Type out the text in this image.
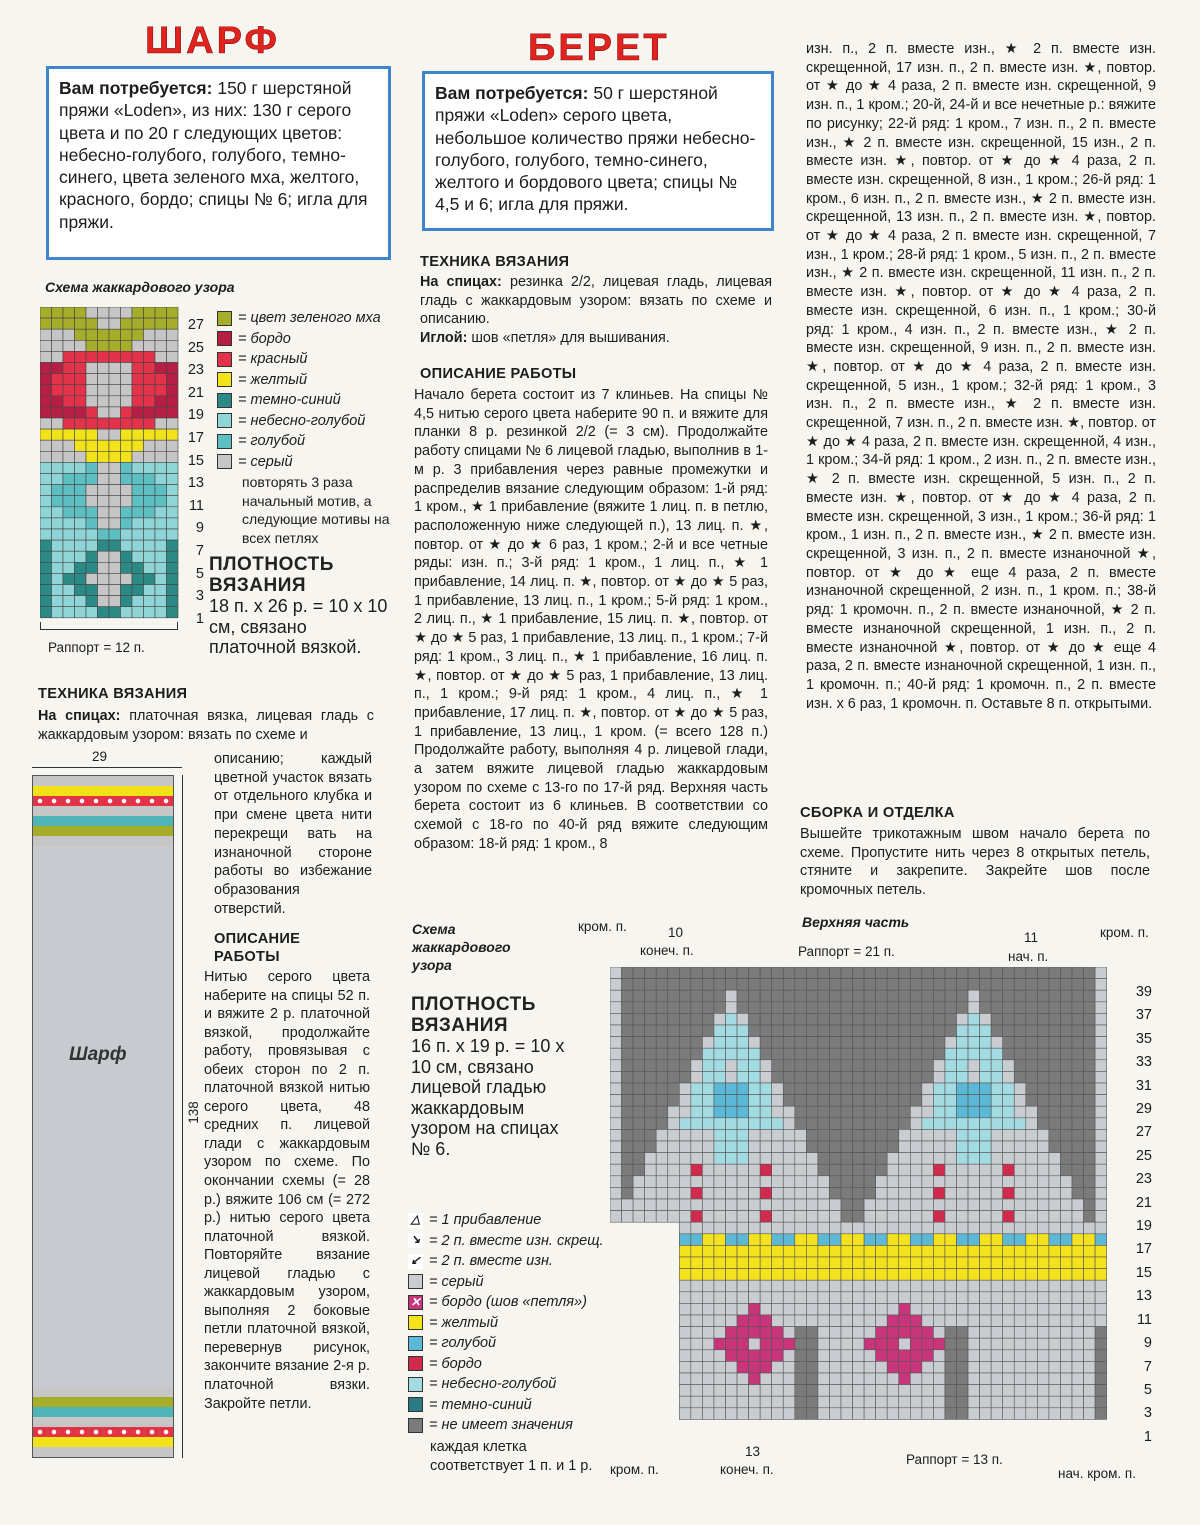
ШАРФ
Вам потребуется: 150 г шерстяной пряжи «Loden», из них: 130 г серого цвета и по 20 г следующих цветов: небесно-голубого, голубого, темно-синего, цвета зеленого мха, желтого, красного, бордо; спицы № 6; игла для пряжи.
Схема жаккардового узора
27
25
23
21
19
17
15
13
11
9
7
5
3
1
Раппорт = 12 п.
= цвет зеленого мха
= бордо
= красный
= желтый
= темно-синий
= небесно-голубой
= голубой
= серый
повторять 3 раза начальный мотив, а следующие мотивы на всех петлях
ПЛОТНОСТЬ ВЯЗАНИЯ
18 п. х 26 р. = 10 х 10 см, связано платочной вязкой.
ТЕХНИКА ВЯЗАНИЯ
На спицах: платочная вязка, лицевая гладь с жаккардовым узором: вязать по схеме и
29
Шарф
138
описанию; каждый цветной участок вязать от отдельного клубка и при смене цвета нити перекрещи вать на изнаночной стороне работы во избежание образования отверстий.
ОПИСАНИЕ РАБОТЫ
Нитью серого цвета наберите на спицы 52 п. и вяжите 2 р. платочной вязкой, продолжайте работу, провязывая с обеих сторон по 2 п. платочной вязкой нитью серого цвета, 48 средних п. лицевой глади с жаккардовым узором по схеме. По окончании схемы (= 28 р.) вяжите 106 см (= 272 р.) нитью серого цвета платочной вязкой. Повторяйте вязание лицевой гладью с жаккардовым узором, выполняя 2 боковые петли платочной вязкой, перевернув рисунок, закончите вязание 2-я р. платочной вязки. Закройте петли.
БЕРЕТ
Вам потребуется: 50 г шерстяной пряжи «Loden» серого цвета, небольшое количество пряжи небесно-голубого, голубого, темно-синего, желтого и бордового цвета; спицы № 4,5 и 6; игла для пряжи.
ТЕХНИКА ВЯЗАНИЯ
На спицах: резинка 2/2, лицевая гладь, лицевая гладь с жаккардовым узором: вязать по схеме и описанию.
Иглой: шов «петля» для вышивания.
ОПИСАНИЕ РАБОТЫ
Начало берета состоит из 7 клиньев. На спицы № 4,5 нитью серого цвета наберите 90 п. и вяжите для планки 8 р. резинкой 2/2 (= 3 см). Продолжайте работу спицами № 6 лицевой гладью, выполнив в 1-м р. 3 прибавления через равные промежутки и распределив вязание следующим образом: 1-й ряд: 1 кром., ★ 1 прибавление (вяжите 1 лиц. п. в петлю, расположенную ниже следующей п.), 13 лиц. п. ★, повтор. от ★ до ★ 6 раз, 1 кром.; 2-й и все четные ряды: изн. п.; 3-й ряд: 1 кром., 1 лиц. п., ★ 1 прибавление, 14 лиц. п. ★, повтор. от ★ до ★ 5 раз, 1 прибавление, 13 лиц. п., 1 кром.; 5-й ряд: 1 кром., 2 лиц. п., ★ 1 прибавление, 15 лиц. п. ★, повтор. от ★ до ★ 5 раз, 1 прибавление, 13 лиц. п., 1 кром.; 7-й ряд: 1 кром., 3 лиц. п., ★ 1 прибавление, 16 лиц. п. ★, повтор. от ★ до ★ 5 раз, 1 прибавление, 13 лиц. п., 1 кром.; 9-й ряд: 1 кром., 4 лиц. п., ★ 1 прибавление, 17 лиц. п. ★, повтор. от ★ до ★ 5 раз, 1 прибавление, 13 лиц., 1 кром. (= всего 128 п.) Продолжайте работу, выполняя 4 р. лицевой глади, а затем вяжите лицевой гладью жаккардовым узором по схеме с 13-го по 17-й ряд. Верхняя часть берета состоит из 6 клиньев. В соответствии со схемой с 18-го по 40-й ряд вяжите следующим образом: 18-й ряд: 1 кром., 8
изн. п., 2 п. вместе изн., ★ 2 п. вместе изн. скрещенной, 17 изн. п., 2 п. вместе изн. ★, повтор. от ★ до ★ 4 раза, 2 п. вместе изн. скрещенной, 9 изн. п., 1 кром.; 20-й, 24-й и все нечетные р.: вяжите по рисунку; 22-й ряд: 1 кром., 7 изн. п., 2 п. вместе изн., ★ 2 п. вместе изн. скрещенной, 15 изн., 2 п. вместе изн. ★, повтор. от ★ до ★ 4 раза, 2 п. вместе изн. скрещенной, 8 изн., 1 кром.; 26-й ряд: 1 кром., 6 изн. п., 2 п. вместе изн., ★ 2 п. вместе изн. скрещенной, 13 изн. п., 2 п. вместе изн. ★, повтор. от ★ до ★ 4 раза, 2 п. вместе изн. скрещенной, 7 изн., 1 кром.; 28-й ряд: 1 кром., 5 изн. п., 2 п. вместе изн., ★ 2 п. вместе изн. скрещенной, 11 изн. п., 2 п. вместе изн. ★, повтор. от ★ до ★ 4 раза, 2 п. вместе изн. скрещенной, 6 изн. п., 1 кром.; 30-й ряд: 1 кром., 4 изн. п., 2 п. вместе изн., ★ 2 п. вместе изн. скрещенной, 9 изн. п., 2 п. вместе изн. ★, повтор. от ★ до ★ 4 раза, 2 п. вместе изн. скрещенной, 5 изн., 1 кром.; 32-й ряд: 1 кром., 3 изн. п., 2 п. вместе изн., ★ 2 п. вместе изн. скрещенной, 7 изн. п., 2 п. вместе изн. ★, повтор. от ★ до ★ 4 раза, 2 п. вместе изн. скрещенной, 4 изн., 1 кром.; 34-й ряд: 1 кром., 2 изн. п., 2 п. вместе изн., ★ 2 п. вместе изн. скрещенной, 5 изн. п., 2 п. вместе изн. ★, повтор. от ★ до ★ 4 раза, 2 п. вместе изн. скрещенной, 3 изн., 1 кром.; 36-й ряд: 1 кром., 1 изн. п., 2 п. вместе изн., ★ 2 п. вместе изн. скрещенной, 3 изн. п., 2 п. вместе изнаночной ★, повтор. от ★ до ★ еще 4 раза, 2 п. вместе изнаночной скрещенной, 2 изн. п., 1 кром. п.; 38-й ряд: 1 кромочн. п., 2 п. вместе изнаночной, ★ 2 п. вместе изнаночной скрещенной, 1 изн. п., 2 п. вместе изнаночной ★, повтор. от ★ до ★ еще 4 раза, 2 п. вместе изнаночной скрещенной, 1 изн. п., 1 кромочн. п.; 40-й ряд: 1 кромочн. п., 2 п. вместе изн. х 6 раз, 1 кромочн. п. Оставьте 8 п. открытыми.
СБОРКА И ОТДЕЛКА
Вышейте трикотажным швом начало берета по схеме. Пропустите нить через 8 открытых петель, стяните и закрепите. Закрейте шов после кромочных петель.
Схема жаккардового узора
ПЛОТНОСТЬ ВЯЗАНИЯ
16 п. х 19 р. = 10 х 10 см, связано лицевой гладью жаккардовым узором на спицах № 6.
△ = 1 прибавление
↘ = 2 п. вместе изн. скрещ.
↙ = 2 п. вместе изн.
= серый
✕ = бордо (шов «петля»)
= желтый
= голубой
= бордо
= небесно-голубой
= темно-синий
= не имеет значения
каждая клетка соответствует 1 п. и 1 р.
Верхняя часть
кром. п.	10
конеч. п.	Раппорт = 21 п.
11
нач. п.
кром. п.
39
37
35
33
31
29
27
25
23
21
19
17
15
13
11
9
7
5
3
1
кром. п.
13
конеч. п.
Раппорт = 13 п.
нач. кром. п.
